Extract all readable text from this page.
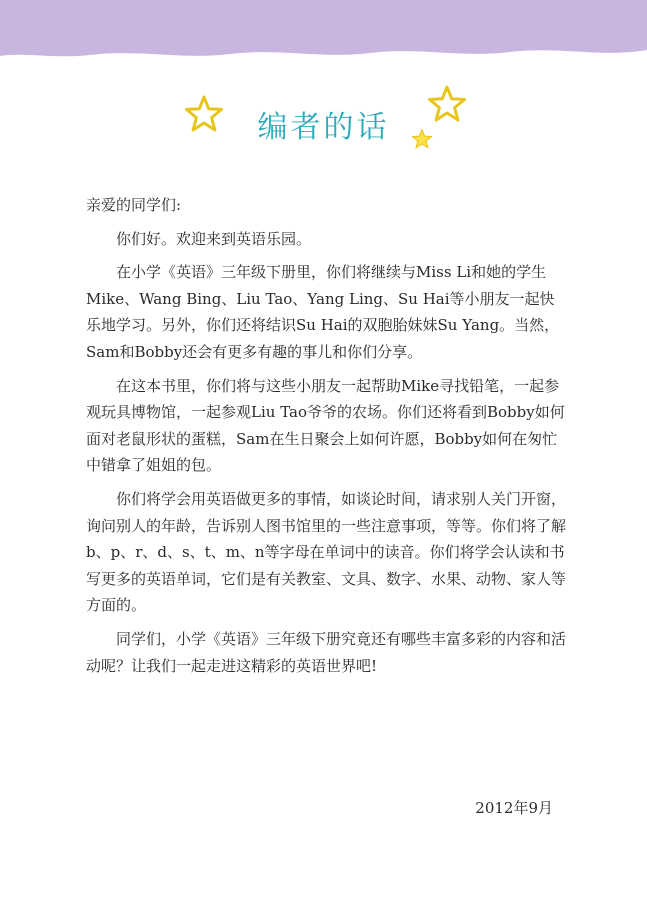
编者的话

亲爱的同学们:

你们好。欢迎来到英语乐园。

在小学《英语》三年级下册里，你们将继续与Miss Li和她的学生Mike、Wang Bing、Liu Tao、Yang Ling、Su Hai等小朋友一起快乐地学习。另外，你们还将结识Su Hai的双胞胎妹妹Su Yang。当然，Sam和Bobby还会有更多有趣的事儿和你们分享。

在这本书里，你们将与这些小朋友一起帮助Mike寻找铅笔，一起参观玩具博物馆，一起参观Liu Tao爷爷的农场。你们还将看到Bobby如何面对老鼠形状的蛋糕，Sam在生日聚会上如何许愿，Bobby如何在匆忙中错拿了姐姐的包。

你们将学会用英语做更多的事情，如谈论时间，请求别人关门开窗，询问别人的年龄，告诉别人图书馆里的一些注意事项，等等。你们将了解b、p、r、d、s、t、m、n等字母在单词中的读音。你们将学会认读和书写更多的英语单词，它们是有关教室、文具、数字、水果、动物、家人等方面的。

同学们，小学《英语》三年级下册究竟还有哪些丰富多彩的内容和活动呢？让我们一起走进这精彩的英语世界吧!

2012年9月
